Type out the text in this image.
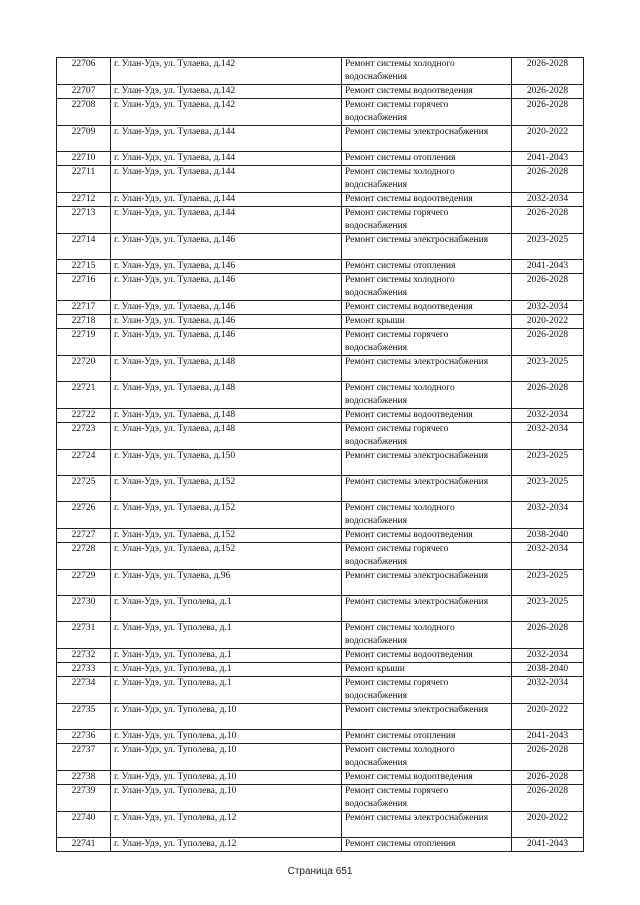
22706	г. Улан-Удэ, ул. Тулаева, д.142	Ремонт системы холодного водоснабжения	2026-2028
22707	г. Улан-Удэ, ул. Тулаева, д.142	Ремонт системы водоотведения	2026-2028
22708	г. Улан-Удэ, ул. Тулаева, д.142	Ремонт системы горячего водоснабжения	2026-2028
22709	г. Улан-Удэ, ул. Тулаева, д.144	Ремонт системы электроснабжения	2020-2022
22710	г. Улан-Удэ, ул. Тулаева, д.144	Ремонт системы отопления	2041-2043
22711	г. Улан-Удэ, ул. Тулаева, д.144	Ремонт системы холодного водоснабжения	2026-2028
22712	г. Улан-Удэ, ул. Тулаева, д.144	Ремонт системы водоотведения	2032-2034
22713	г. Улан-Удэ, ул. Тулаева, д.144	Ремонт системы горячего водоснабжения	2026-2028
22714	г. Улан-Удэ, ул. Тулаева, д.146	Ремонт системы электроснабжения	2023-2025
22715	г. Улан-Удэ, ул. Тулаева, д.146	Ремонт системы отопления	2041-2043
22716	г. Улан-Удэ, ул. Тулаева, д.146	Ремонт системы холодного водоснабжения	2026-2028
22717	г. Улан-Удэ, ул. Тулаева, д.146	Ремонт системы водоотведения	2032-2034
22718	г. Улан-Удэ, ул. Тулаева, д.146	Ремонт крыши	2020-2022
22719	г. Улан-Удэ, ул. Тулаева, д.146	Ремонт системы горячего водоснабжения	2026-2028
22720	г. Улан-Удэ, ул. Тулаева, д.148	Ремонт системы электроснабжения	2023-2025
22721	г. Улан-Удэ, ул. Тулаева, д.148	Ремонт системы холодного водоснабжения	2026-2028
22722	г. Улан-Удэ, ул. Тулаева, д.148	Ремонт системы водоотведения	2032-2034
22723	г. Улан-Удэ, ул. Тулаева, д.148	Ремонт системы горячего водоснабжения	2032-2034
22724	г. Улан-Удэ, ул. Тулаева, д.150	Ремонт системы электроснабжения	2023-2025
22725	г. Улан-Удэ, ул. Тулаева, д.152	Ремонт системы электроснабжения	2023-2025
22726	г. Улан-Удэ, ул. Тулаева, д.152	Ремонт системы холодного водоснабжения	2032-2034
22727	г. Улан-Удэ, ул. Тулаева, д.152	Ремонт системы водоотведения	2038-2040
22728	г. Улан-Удэ, ул. Тулаева, д.152	Ремонт системы горячего водоснабжения	2032-2034
22729	г. Улан-Удэ, ул. Тулаева, д.96	Ремонт системы электроснабжения	2023-2025
22730	г. Улан-Удэ, ул. Туполева, д.1	Ремонт системы электроснабжения	2023-2025
22731	г. Улан-Удэ, ул. Туполева, д.1	Ремонт системы холодного водоснабжения	2026-2028
22732	г. Улан-Удэ, ул. Туполева, д.1	Ремонт системы водоотведения	2032-2034
22733	г. Улан-Удэ, ул. Туполева, д.1	Ремонт крыши	2038-2040
22734	г. Улан-Удэ, ул. Туполева, д.1	Ремонт системы горячего водоснабжения	2032-2034
22735	г. Улан-Удэ, ул. Туполева, д.10	Ремонт системы электроснабжения	2020-2022
22736	г. Улан-Удэ, ул. Туполева, д.10	Ремонт системы отопления	2041-2043
22737	г. Улан-Удэ, ул. Туполева, д.10	Ремонт системы холодного водоснабжения	2026-2028
22738	г. Улан-Удэ, ул. Туполева, д.10	Ремонт системы водоотведения	2026-2028
22739	г. Улан-Удэ, ул. Туполева, д.10	Ремонт системы горячего водоснабжения	2026-2028
22740	г. Улан-Удэ, ул. Туполева, д.12	Ремонт системы электроснабжения	2020-2022
22741	г. Улан-Удэ, ул. Туполева, д.12	Ремонт системы отопления	2041-2043
Страница 651
